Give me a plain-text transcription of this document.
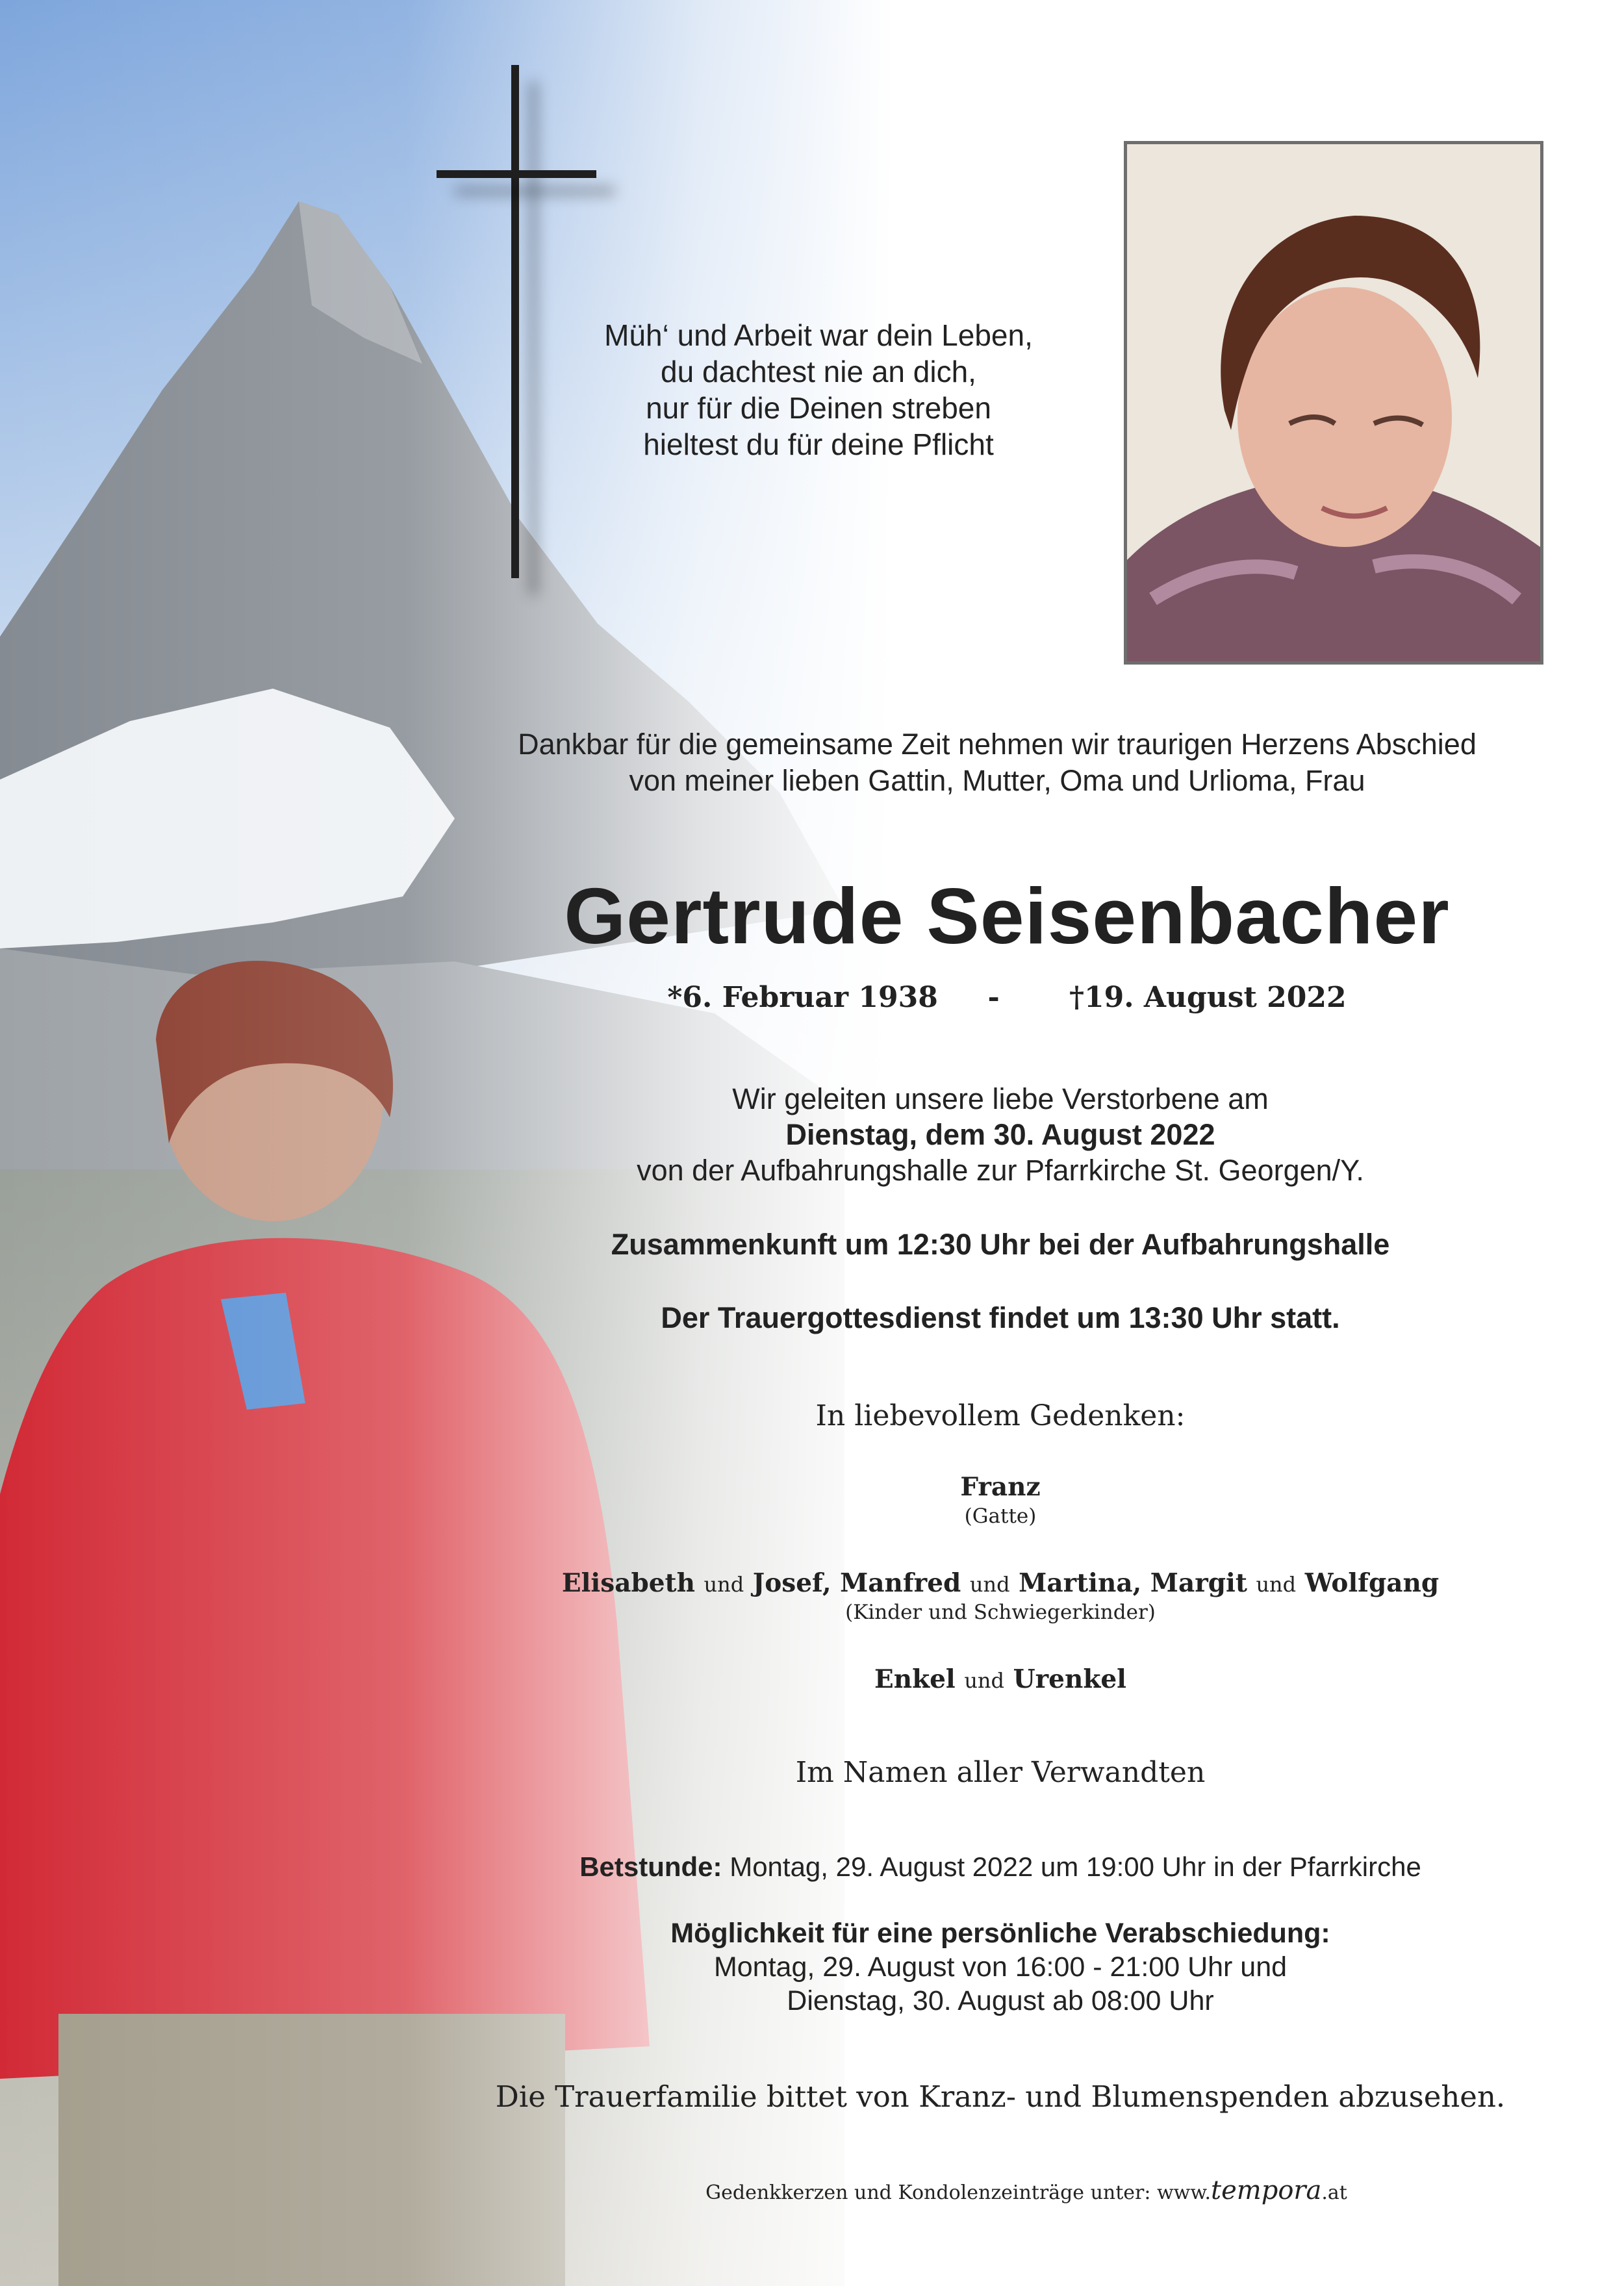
Müh‘ und Arbeit war dein Leben,
du dachtest nie an dich,
nur für die Deinen streben
hieltest du für deine Pflicht
Dankbar für die gemeinsame Zeit nehmen wir traurigen Herzens Abschied
von meiner lieben Gattin, Mutter, Oma und Urlioma, Frau
Gertrude Seisenbacher
*6. Februar 1938 - †19. August 2022
Wir geleiten unsere liebe Verstorbene am
Dienstag, dem 30. August 2022
von der Aufbahrungshalle zur Pfarrkirche St. Georgen/Y.
Zusammenkunft um 12:30 Uhr bei der Aufbahrungshalle
Der Trauergottesdienst findet um 13:30 Uhr statt.
In liebevollem Gedenken:
Franz
(Gatte)
Elisabeth und Josef, Manfred und Martina, Margit und Wolfgang
(Kinder und Schwiegerkinder)
Enkel und Urenkel
Im Namen aller Verwandten
Betstunde: Montag, 29. August 2022 um 19:00 Uhr in der Pfarrkirche
Möglichkeit für eine persönliche Verabschiedung:
Montag, 29. August von 16:00 - 21:00 Uhr und
Dienstag, 30. August ab 08:00 Uhr
Die Trauerfamilie bittet von Kranz- und Blumenspenden abzusehen.
Gedenkkerzen und Kondolenzeinträge unter: www.tempora.at
